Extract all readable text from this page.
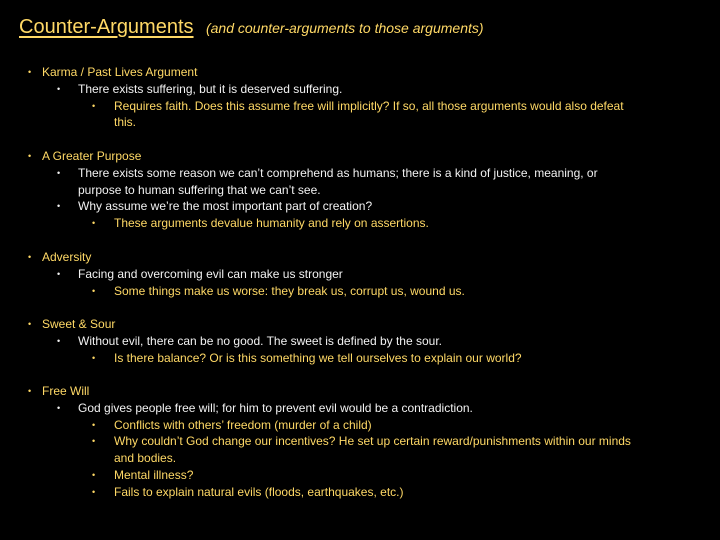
Counter-Arguments (and counter-arguments to those arguments)
• Karma / Past Lives Argument
• There exists suffering, but it is deserved suffering.
• Requires faith. Does this assume free will implicitly? If so, all those arguments would also defeat this.
• A Greater Purpose
• There exists some reason we can’t comprehend as humans; there is a kind of justice, meaning, or purpose to human suffering that we can’t see.
• Why assume we’re the most important part of creation?
• These arguments devalue humanity and rely on assertions.
• Adversity
• Facing and overcoming evil can make us stronger
• Some things make us worse: they break us, corrupt us, wound us.
• Sweet & Sour
• Without evil, there can be no good. The sweet is defined by the sour.
• Is there balance? Or is this something we tell ourselves to explain our world?
• Free Will
• God gives people free will; for him to prevent evil would be a contradiction.
• Conflicts with others’ freedom (murder of a child)
• Why couldn’t God change our incentives? He set up certain reward/punishments within our minds and bodies.
• Mental illness?
• Fails to explain natural evils (floods, earthquakes, etc.)
